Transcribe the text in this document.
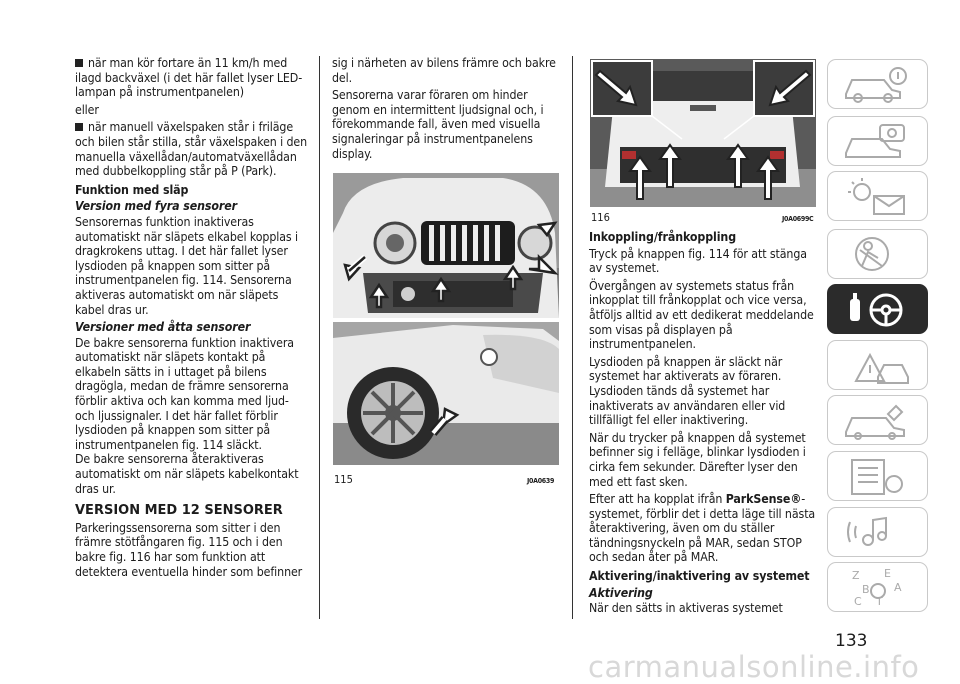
när man kör fortare än 11 km/h med ilagd backväxel (i det här fallet lyser LED-lampan på instrumentpanelen)

eller

när manuell växelspaken står i friläge och bilen står stilla, står växelspaken i den manuella växellådan/automatväxellådan med dubbelkoppling står på P (Park).

Funktion med släp
Version med fyra sensorer

Sensorernas funktion inaktiveras automatiskt när släpets elkabel kopplas i dragkrokens uttag. I det här fallet lyser lysdioden på knappen som sitter på instrumentpanelen fig. 114. Sensorerna aktiveras automatiskt om när släpets kabel dras ur.

Versioner med åtta sensorer

De bakre sensorerna funktion inaktivera automatiskt när släpets kontakt på elkabeln sätts in i uttaget på bilens dragögla, medan de främre sensorerna förblir aktiva och kan komma med ljud- och ljussignaler. I det här fallet förblir lysdioden på knappen som sitter på instrumentpanelen fig. 114 släckt.

De bakre sensorerna återaktiveras automatiskt om när släpets kabelkontakt dras ur.

VERSION MED 12 SENSORER

Parkeringssensorerna som sitter i den främre stötfångaren fig. 115 och i den bakre fig. 116 har som funktion att detektera eventuella hinder som befinner

sig i närheten av bilens främre och bakre del.

Sensorerna varar föraren om hinder genom en intermittent ljudsignal och, i förekommande fall, även med visuella signaleringar på instrumentpanelens display.

115	J0A0639
116	J0A0699C
Inkoppling/frånkoppling

Tryck på knappen fig. 114 för att stänga av systemet.

Övergången av systemets status från inkopplat till frånkopplat och vice versa, åtföljs alltid av ett dedikerat meddelande som visas på displayen på instrumentpanelen.

Lysdioden på knappen är släckt när systemet har aktiverats av föraren. Lysdioden tänds då systemet har inaktiverats av användaren eller vid tillfälligt fel eller inaktivering.

När du trycker på knappen då systemet befinner sig i felläge, blinkar lysdioden i cirka fem sekunder. Därefter lyser den med ett fast sken.

Efter att ha kopplat ifrån ParkSense®-systemet, förblir det i detta läge till nästa återaktivering, även om du ställer tändningsnyckeln på MAR, sedan STOP och sedan åter på MAR.

Aktivering/inaktivering av systemet
Aktivering

När den sätts in aktiveras systemet

Z E
B A
C T
133
carmanualsonline.info
